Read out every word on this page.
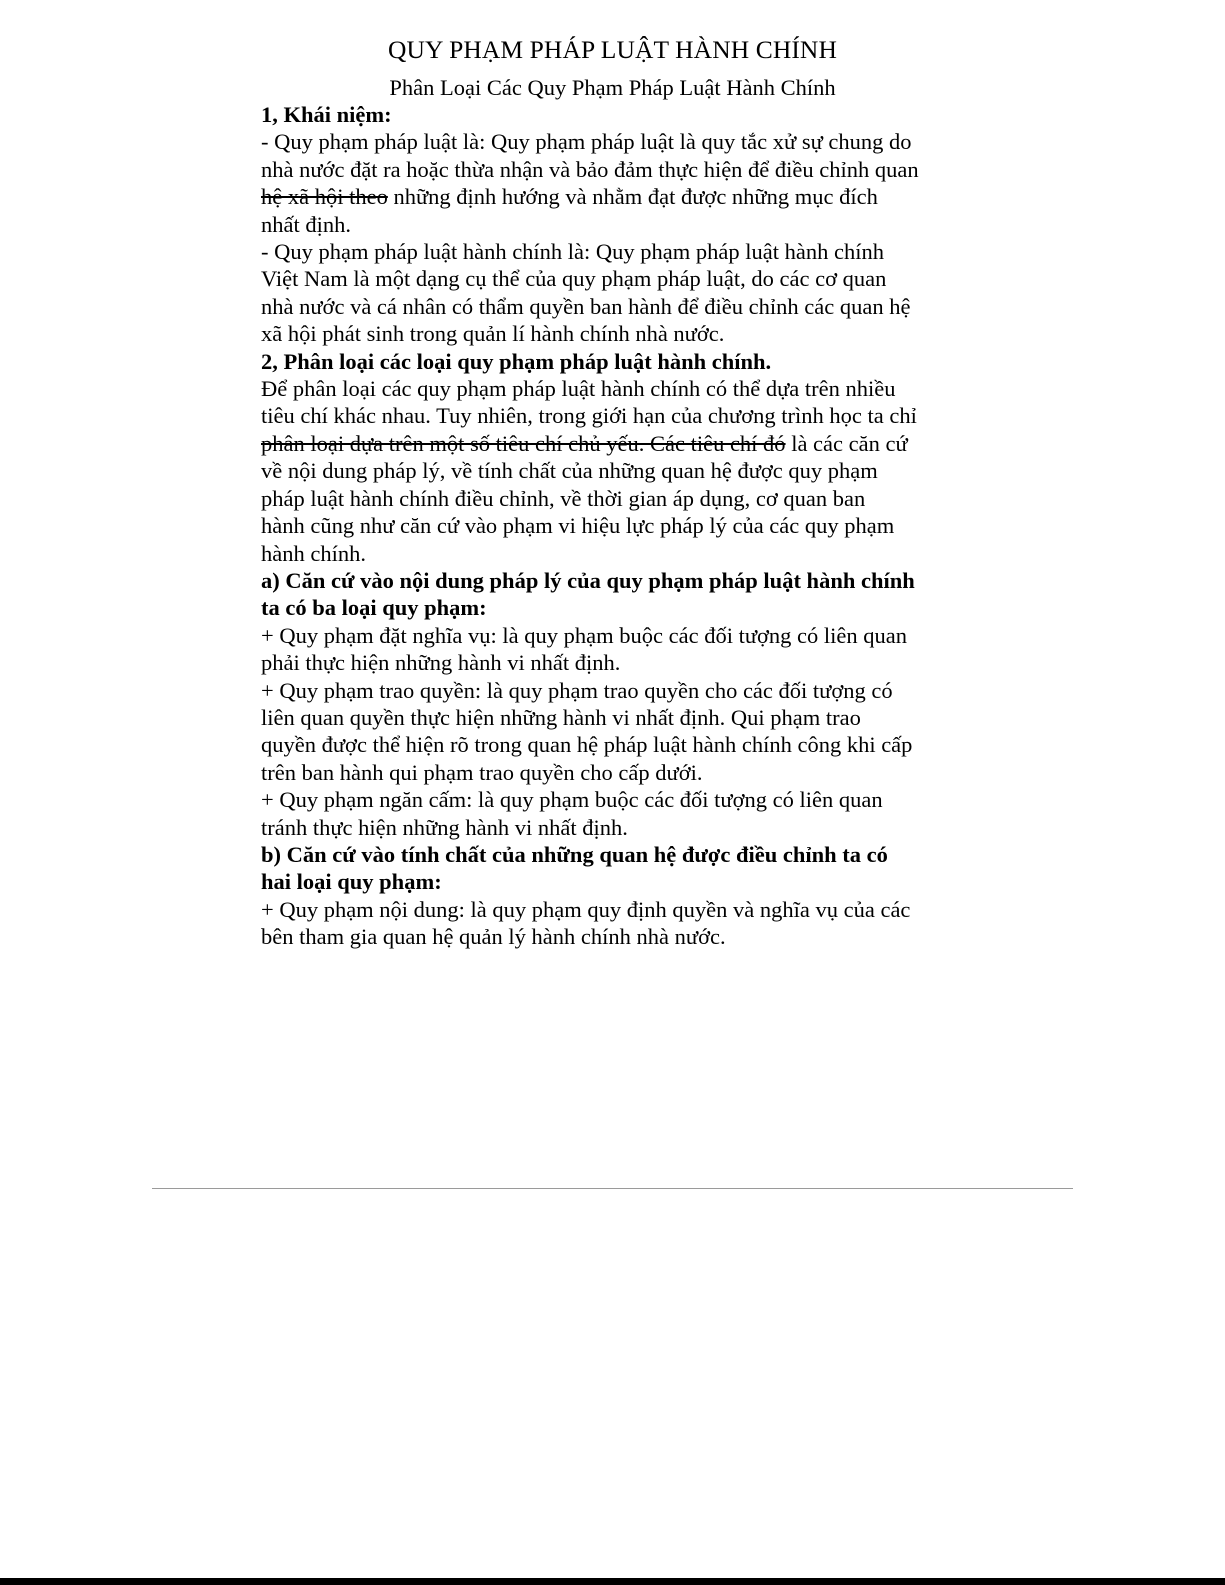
QUY PHẠM PHÁP LUẬT HÀNH CHÍNH
Phân Loại Các Quy Phạm Pháp Luật Hành Chính

1, Khái niệm:

- Quy phạm pháp luật là: Quy phạm pháp luật là quy tắc xử sự chung do

nhà nước đặt ra hoặc thừa nhận và bảo đảm thực hiện để điều chỉnh quan

hệ xã hội theo những định hướng và nhằm đạt được những mục đích

nhất định.

- Quy phạm pháp luật hành chính là: Quy phạm pháp luật hành chính

Việt Nam là một dạng cụ thể của quy phạm pháp luật, do các cơ quan

nhà nước và cá nhân có thẩm quyền ban hành để điều chỉnh các quan hệ

xã hội phát sinh trong quản lí hành chính nhà nước.

2, Phân loại các loại quy phạm pháp luật hành chính.

Để phân loại các quy phạm pháp luật hành chính có thể dựa trên nhiều

tiêu chí khác nhau. Tuy nhiên, trong giới hạn của chương trình học ta chỉ

phân loại dựa trên một số tiêu chí chủ yếu. Các tiêu chí đó là các căn cứ

về nội dung pháp lý, về tính chất của những quan hệ được quy phạm

pháp luật hành chính điều chỉnh, về thời gian áp dụng, cơ quan ban

hành cũng như căn cứ vào phạm vi hiệu lực pháp lý của các quy phạm

hành chính.

a) Căn cứ vào nội dung pháp lý của quy phạm pháp luật hành chính

ta có ba loại quy phạm:

+ Quy phạm đặt nghĩa vụ: là quy phạm buộc các đối tượng có liên quan

phải thực hiện những hành vi nhất định.

+ Quy phạm trao quyền: là quy phạm trao quyền cho các đối tượng có

liên quan quyền thực hiện những hành vi nhất định. Qui phạm trao

quyền được thể hiện rõ trong quan hệ pháp luật hành chính công khi cấp

trên ban hành qui phạm trao quyền cho cấp dưới.

+ Quy phạm ngăn cấm: là quy phạm buộc các đối tượng có liên quan

tránh thực hiện những hành vi nhất định.

b) Căn cứ vào tính chất của những quan hệ được điều chỉnh ta có

hai loại quy phạm:

+ Quy phạm nội dung: là quy phạm quy định quyền và nghĩa vụ của các

bên tham gia quan hệ quản lý hành chính nhà nước.
